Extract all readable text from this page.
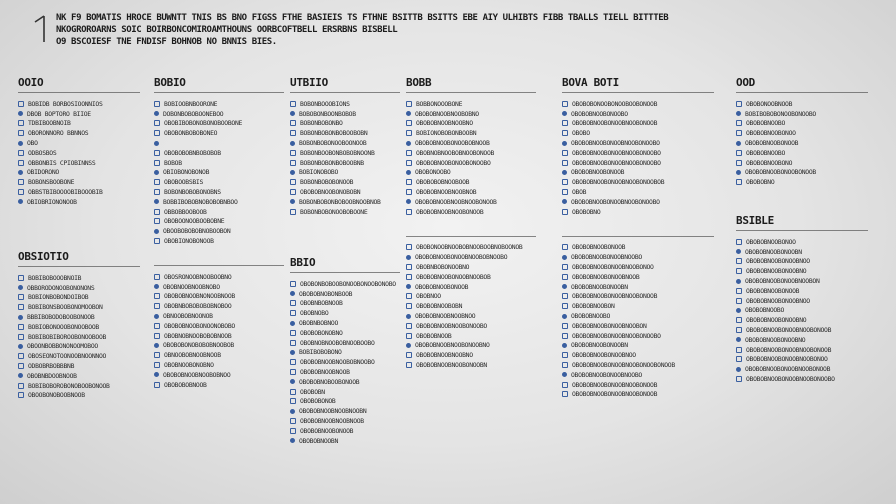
NK F9 BOMATIS HROCE BUWNTT TNIS BS BNO FIGSS FTHE BASIEIS TS FTHNE BSITTB BSITTS EBE AIY ULHIBTS FIBB TBALLS TIELL BITTTEB
NKOGROROARNS SOIC BOIRBONCOMIROAMTHOUNS OORBCOFTBELL ERSRBNS BISBELL
O9 BSCOIESF TNE FNDISF BOHNOB NO BNNIS BIES.
OOIO
BOBIDB BORBOSIOONNIOS
DBOB BOPTORO BIIOE
TDBIBOOBNOIB
OBORONNORO BBNNOS
OBO
ODBOSBOS
OBBONBIS CPIOBINNSS
OBIDORONO
BOBONSBOOBONE
OBBSTBIBOOOOBIBOOOBIB
OBIOBRIONONOOB
OBSIOTIO
BOBIBOBOOOBNOIB
OBBORODONOOBONONONS
BOBIONBOBONDOIBOB
BOBIBONSBOOBONOMOOBON
BBBIBOBODOBOOBONOOB
BOBIOBONOOOBONOOBOOB
BOBIBOBIBOROOBONOOBOOB
OBOONBOBBONONOOMOBOO
OBOSEONOTOONOOBNOONNOO
ODBOBRBOBBBNB
OBOBNBDOOBNOOB
BOBIBOBOROBONOBOOBONOOB
OBOOBONOBOOBNOOB
BOBIO
BOBIOOBNBOORONE
DOBONBOBOBOONEBOO
OBOBIBOBONOBONOBOOBONE
OBOBONBOBOBONEO
OBOBOBOBNBOBOBOB
BOBOB
OBIOBONOBONOB
OBOBOOBSBIS
BOBONBOBOBONOBNS
BOBBIBOBOBNOBOBOBNBOO
OBBOBBOOBOOB
OBOBOONOOBOOBOBNE
OBOOBOBOBOBNOBOOBON
OBOBIONOBONOOB
OBOSRONOOBNOOBOOBNO
OBOBNOOBNOOBNOBO
OBOBOBNOOBNONOOBNOOB
OBOBNBOBOBOBOBNOBOO
OBNOOBOBNOONOB
OBOBOBNOOBONOONOBOBO
OBOBNOBNOOBOBOBNOOB
OBOBOBONOBOBOBNOOBOB
OBNOOBOBNOOBNOOB
OBOBNOOBONOBNO
OBOBOBNOOBNOOBOBNOO
OBOBOBOBNOOB
UTBIIO
BOBONBOOOBIONS
BOBOBONBOONBOBOB
BOBONBOBONBO
BOBONBOBONBOBOOBOBN
BOBONBOBONOOBOONOOB
BOBONBOOBONBOBOBNOONB
BOBONBOBONBOBOOBNB
BOBIONOBOBO
BOBONBOBOBONOOB
OBOBOBNOOBONOBOBN
BOBONBOBONBOBOOBNOOBNOB
BOBONBOBONOOBOBOONE
BBIO
OBOBONBOBOOBONOOBONOOBONOBO
OBOBOBNOBONBOOB
OBOBNBOBNOOB
OBOBNOBO
OBOBNBOBNOO
OBOBOBONOBNO
OBOBNOBNOOBOBNOOBOOBO
BOBIBOBOBONO
OBOBOBNOOBNOOBOBNOOBO
OBOBOBNOOBNOOB
OBOBOBNOBOOBONOOB
OBOBOBN
OBOBOBONOB
OBOBOBNOOBNOOBNOOBN
OBOBOBNOOBNOOBNOOB
OBOBOBNOOBONOOB
OBOBOBNOOBN
BOBB
BOBBONOOOBONE
OBOBOBNOOBNOOBOBNO
OBOBOBNOOBNOOBNO
BOBIONOBOBONBOOBN
OBOBOBNOOBONOOBOBNOOB
OBOBNOBNOOBOBNOOBONOOB
OBOBOBNOOBONOOBONOOBO
OBOBONOOBO
OBOBOBOBNOOBOOB
OBOBOBNOOBNOOBNOB
OBOBOBNOOBNOOBNOOBONOOB
OBOBOBNOOBNOOBONOOB
OBOBONOOBNOOBOBNOOBOOBNOBOONOB
OBOBOBNOOBONOOBNOOBOBNOOBO
OBOBNBOBONOOBNO
OBOBOBNOOBONOOBNOOBOB
OBOBOBNOOBONOOB
OBOBNOO
OBOBOBNOOBOBN
OBOBOBNOOBNOOBNOO
OBOBOBNOOBNOOBONOOBO
OBOBOBNOOB
OBOBOBNOOBNOOBONOOBNO
OBOBOBNOOBNOOBNO
OBOBOBNOOBNOOBONOOBN
BOVA BOTI
OBOBOBONOOBONOOBOOBONOOB
OBOBOBNOOBONOOBO
OBOBOBNOOBONOOBNOOBONOOB
OBOBO
OBOBOBNOOBONOOBNOOBONOOBO
OBOBOBNOOBONOOBNOOBONOOBO
OBOBOBNOOBONOOBNOOBONOOBO
OBOBOBNOOBONOOB
OBOBOBNOOBONOOBNOOBONOOBOB
OBOB
OBOBOBNOOBONOOBNOOBONOOBO
OBOBOBNO
OBOBOBNOOBONOOB
OBOBOBNOOBONOOBNOOBO
OBOBOBNOOBONOOBNOOBONOO
OBOBOBNOOBONOOBNOOB
OBOBOBNOOBONOOBN
OBOBOBNOOBONOOBNOOBONOOB
OBOBOBNOOBON
OBOBOBNOOBO
OBOBOBNOOBONOOBNOOBON
OBOBOBNOOBONOOBNOOBONOOBO
OBOBOBNOOBONOOBN
OBOBOBNOOBONOOBNOO
OBOBOBNOOBONOOBNOOBONOOBONOOB
OBOBOBNOOBONOOBNOOBO
OBOBOBNOOBONOOBNOOBONOOB
OBOBOBNOOBONOOBNOOBONOOB
OOD
OBOBONOOBNOOB
BOBIBOBOBONOOBONOOBO
OBOBOBNOOBO
OBOBOBNOOBONOO
OBOBOBNOOBONOOB
OBOBOBNOOBO
OBOBOBNOOBONO
OBOBOBNOOBONOOBONOOB
OBOBOBNO
BSIBLE
OBOBOBNOOBONOO
OBOBOBNOOBONOOBN
OBOBOBNOOBONOOBNOO
OBOBOBNOOBONOOBNO
OBOBOBNOOBONOOBNOOBON
OBOBOBNOOBONOOB
OBOBOBNOOBONOOBNOO
OBOBOBNOOBO
OBOBOBNOOBONOOBNO
OBOBOBNOOBONOOBNOOBONOOB
OBOBOBNOOBONOOBNO
OBOBOBNOOBONOOBNOOBONOOB
OBOBOBNOOBONOOBNOOBONOO
OBOBOBNOOBONOOBNOOBONOOB
OBOBOBNOOBONOOBNOOBONOOBO
